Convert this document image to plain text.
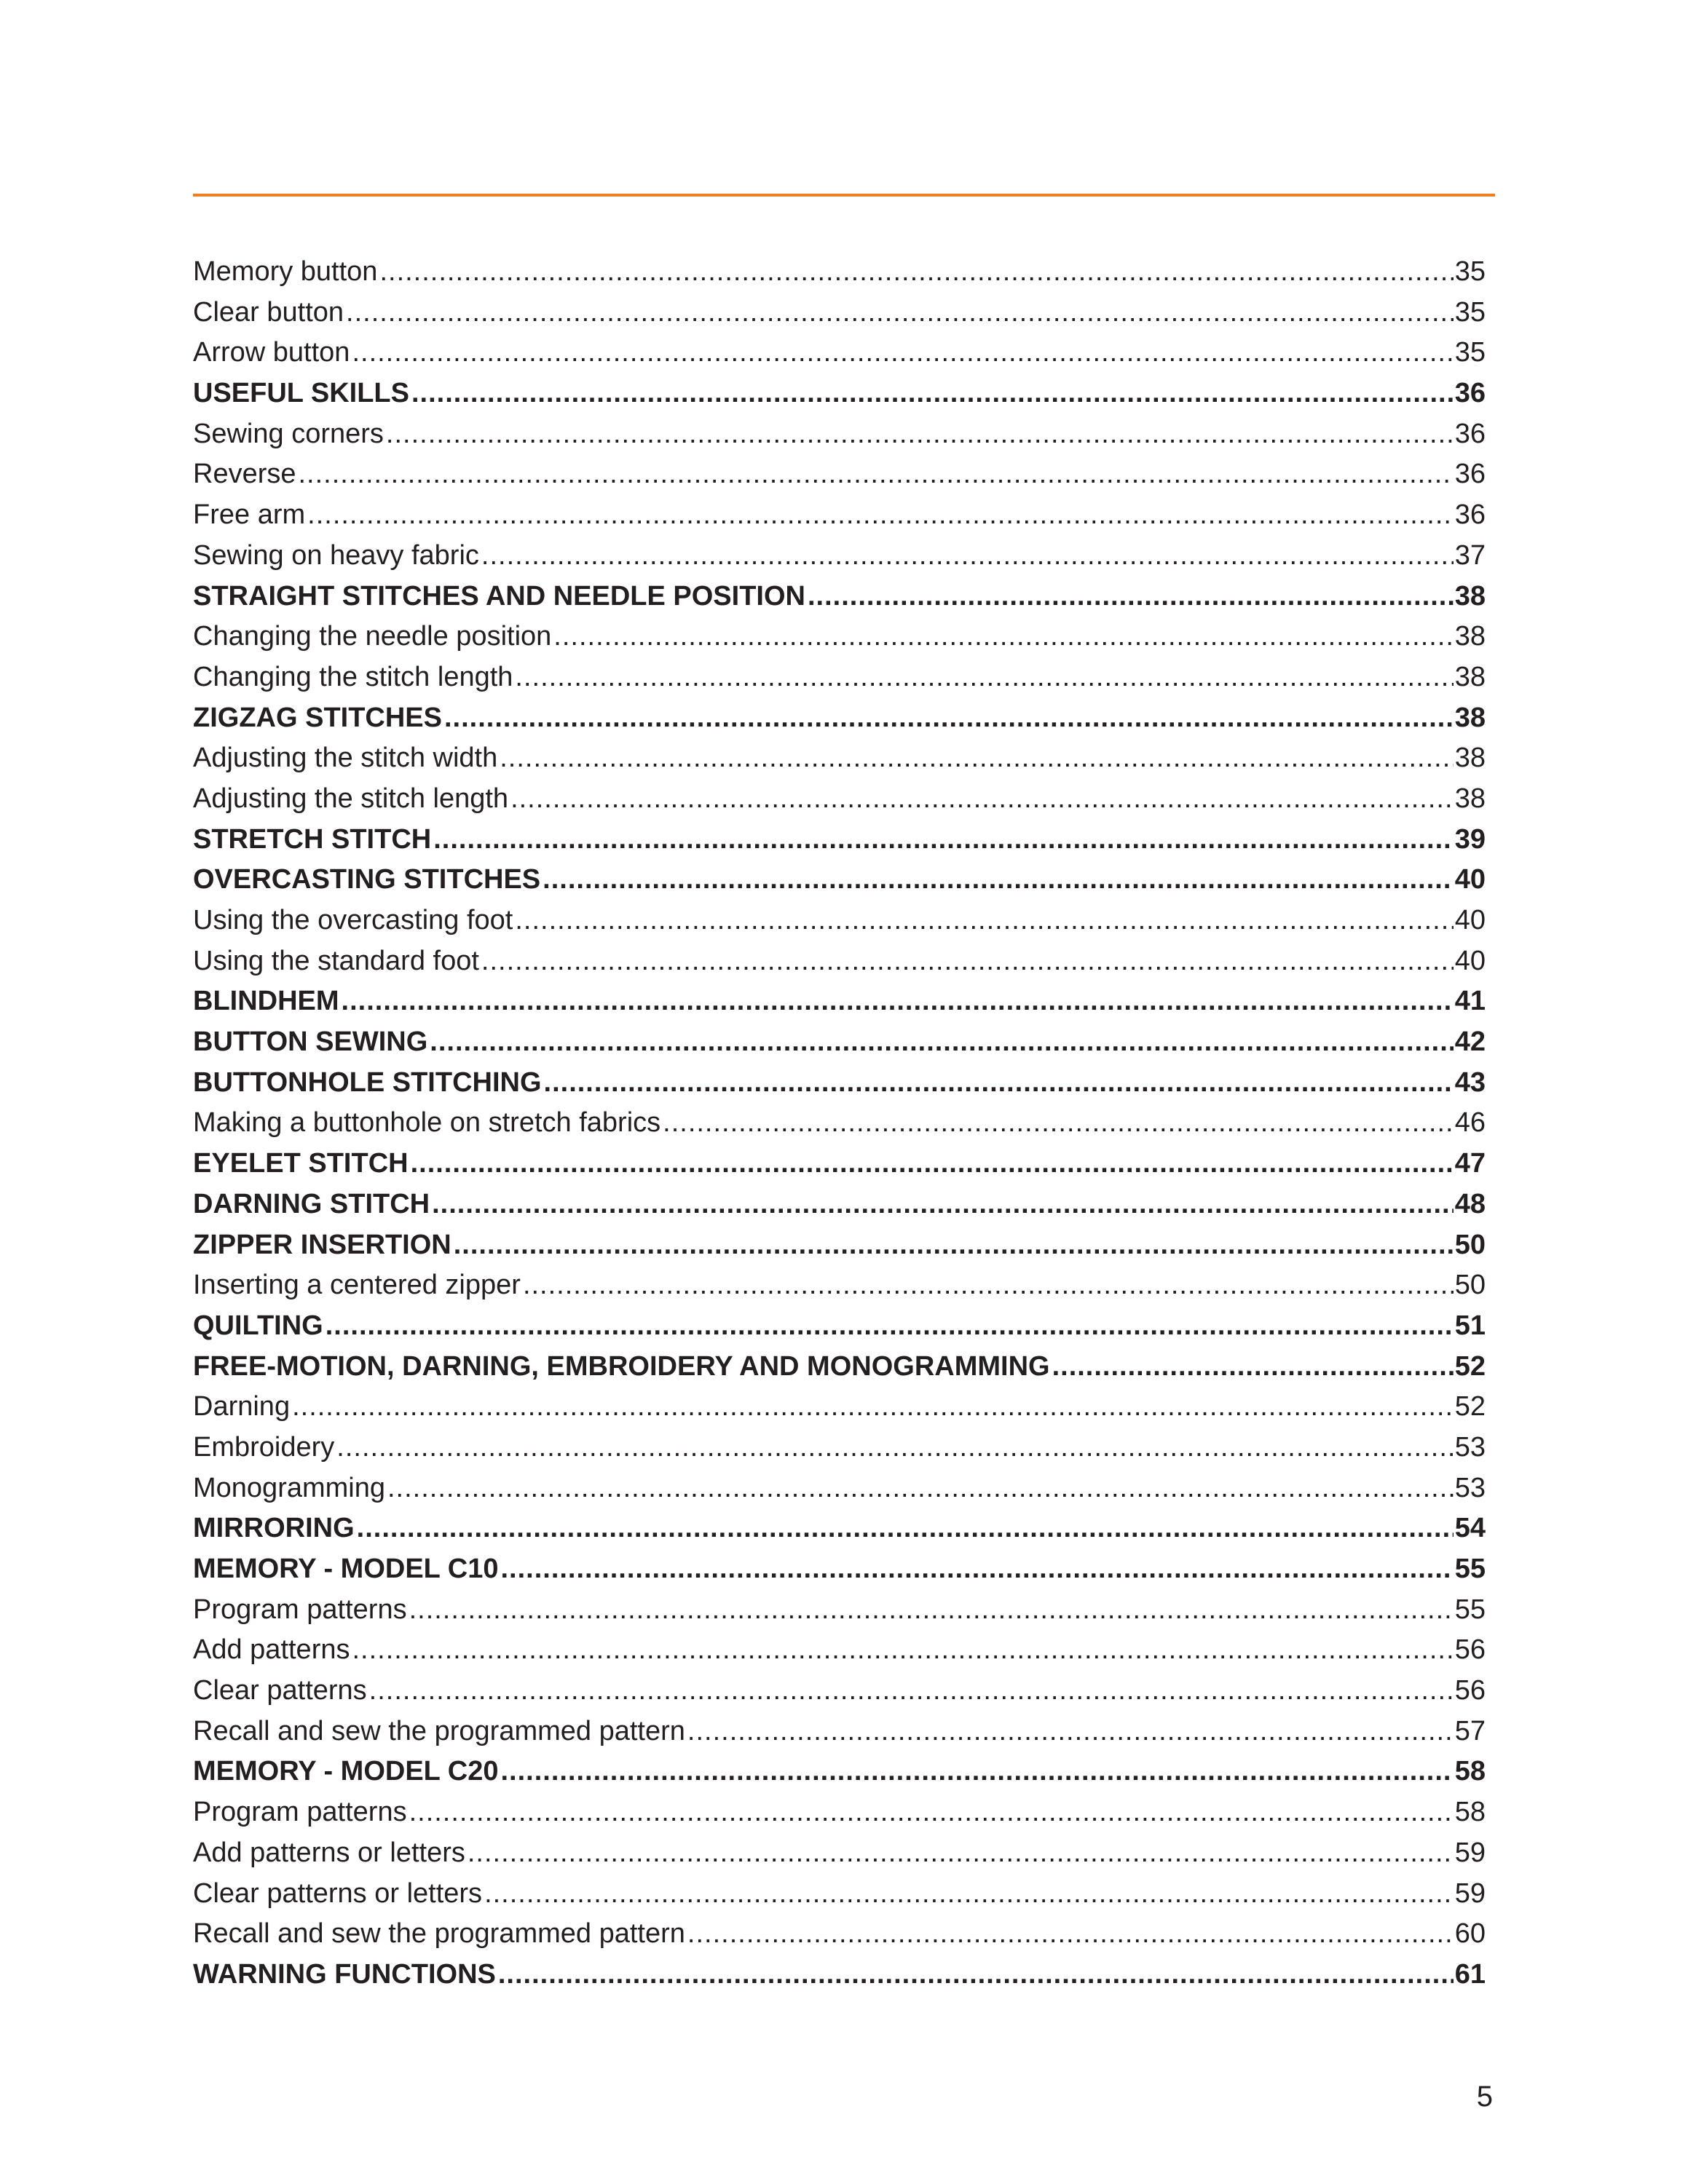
Memory button .....	35
Clear button .....	35
Arrow button .....	35
USEFUL SKILLS .....	36
Sewing corners .....	36
Reverse .....	36
Free arm .....	36
Sewing on heavy fabric .....	37
STRAIGHT STITCHES AND NEEDLE POSITION .....	38
Changing the needle position .....	38
Changing the stitch length .....	38
ZIGZAG STITCHES .....	38
Adjusting the stitch width .....	38
Adjusting the stitch length .....	38
STRETCH STITCH .....	39
OVERCASTING STITCHES .....	40
Using the overcasting foot .....	40
Using the standard foot .....	40
BLINDHEM .....	41
BUTTON SEWING .....	42
BUTTONHOLE STITCHING .....	43
Making a buttonhole on stretch fabrics .....	46
EYELET STITCH .....	47
DARNING STITCH .....	48
ZIPPER INSERTION .....	50
Inserting a centered zipper .....	50
QUILTING .....	51
FREE-MOTION, DARNING, EMBROIDERY AND MONOGRAMMING .....	52
Darning .....	52
Embroidery .....	53
Monogramming .....	53
MIRRORING .....	54
MEMORY - MODEL C10 .....	55
Program patterns .....	55
Add patterns .....	56
Clear patterns .....	56
Recall and sew the programmed pattern .....	57
MEMORY - MODEL C20 .....	58
Program patterns .....	58
Add patterns or letters .....	59
Clear patterns or letters .....	59
Recall and sew the programmed pattern .....	60
WARNING FUNCTIONS .....	61
5
